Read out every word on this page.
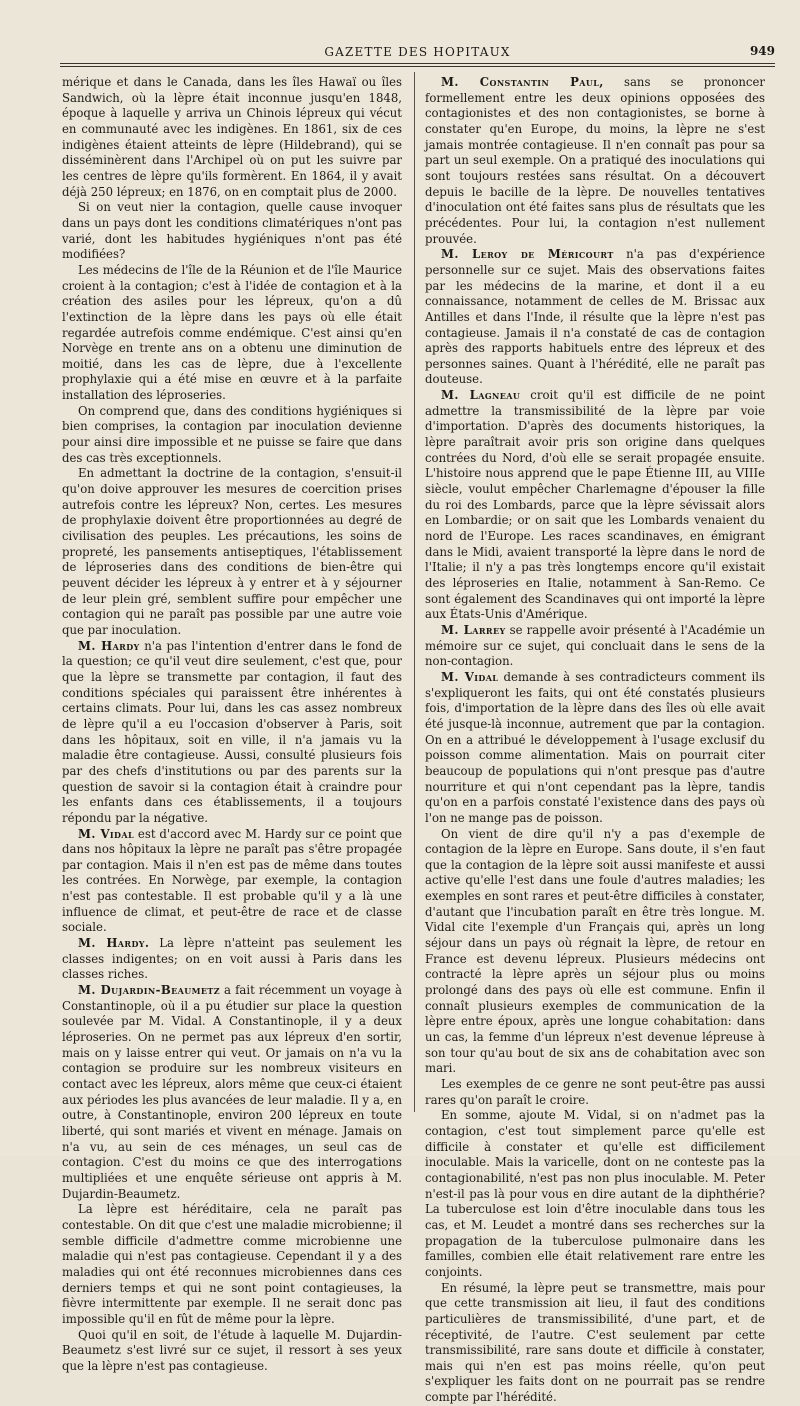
GAZETTE DES HOPITAUX	949

mérique et dans le Canada, dans les îles Hawaï ou îles Sandwich, où la lèpre était inconnue jusqu'en 1848, époque à laquelle y arriva un Chinois lépreux qui vécut en communauté avec les indigènes. En 1861, six de ces indigènes étaient atteints de lèpre (Hildebrand), qui se disséminèrent dans l'Archipel où on put les suivre par les centres de lèpre qu'ils formèrent. En 1864, il y avait déjà 250 lépreux; en 1876, on en comptait plus de 2000.

Si on veut nier la contagion, quelle cause invoquer dans un pays dont les conditions climatériques n'ont pas varié, dont les habitudes hygiéniques n'ont pas été modifiées?

Les médecins de l'île de la Réunion et de l'île Maurice croient à la contagion; c'est à l'idée de contagion et à la création des asiles pour les lépreux, qu'on a dû l'extinction de la lèpre dans les pays où elle était regardée autrefois comme endémique. C'est ainsi qu'en Norvège en trente ans on a obtenu une diminution de moitié, dans les cas de lèpre, due à l'excellente prophylaxie qui a été mise en œuvre et à la parfaite installation des léproseries.

On comprend que, dans des conditions hygiéniques si bien comprises, la contagion par inoculation devienne pour ainsi dire impossible et ne puisse se faire que dans des cas très exceptionnels.

En admettant la doctrine de la contagion, s'ensuit-il qu'on doive approuver les mesures de coercition prises autrefois contre les lépreux? Non, certes. Les mesures de prophylaxie doivent être proportionnées au degré de civilisation des peuples. Les précautions, les soins de propreté, les pansements antiseptiques, l'établissement de léproseries dans des conditions de bien-être qui peuvent décider les lépreux à y entrer et à y séjourner de leur plein gré, semblent suffire pour empêcher une contagion qui ne paraît pas possible par une autre voie que par inoculation.

M. Hardy n'a pas l'intention d'entrer dans le fond de la question; ce qu'il veut dire seulement, c'est que, pour que la lèpre se transmette par contagion, il faut des conditions spéciales qui paraissent être inhérentes à certains climats. Pour lui, dans les cas assez nombreux de lèpre qu'il a eu l'occasion d'observer à Paris, soit dans les hôpitaux, soit en ville, il n'a jamais vu la maladie être contagieuse. Aussi, consulté plusieurs fois par des chefs d'institutions ou par des parents sur la question de savoir si la contagion était à craindre pour les enfants dans ces établissements, il a toujours répondu par la négative.

M. Vidal est d'accord avec M. Hardy sur ce point que dans nos hôpitaux la lèpre ne paraît pas s'être propagée par contagion. Mais il n'en est pas de même dans toutes les contrées. En Norwège, par exemple, la contagion n'est pas contestable. Il est probable qu'il y a là une influence de climat, et peut-être de race et de classe sociale.

M. Hardy. La lèpre n'atteint pas seulement les classes indigentes; on en voit aussi à Paris dans les classes riches.

M. Dujardin-Beaumetz a fait récemment un voyage à Constantinople, où il a pu étudier sur place la question soulevée par M. Vidal. A Constantinople, il y a deux léproseries. On ne permet pas aux lépreux d'en sortir, mais on y laisse entrer qui veut. Or jamais on n'a vu la contagion se produire sur les nombreux visiteurs en contact avec les lépreux, alors même que ceux-ci étaient aux périodes les plus avancées de leur maladie. Il y a, en outre, à Constantinople, environ 200 lépreux en toute liberté, qui sont mariés et vivent en ménage. Jamais on n'a vu, au sein de ces ménages, un seul cas de contagion. C'est du moins ce que des interrogations multipliées et une enquête sérieuse ont appris à M. Dujardin-Beaumetz.

La lèpre est héréditaire, cela ne paraît pas contestable. On dit que c'est une maladie microbienne; il semble difficile d'admettre comme microbienne une maladie qui n'est pas contagieuse. Cependant il y a des maladies qui ont été reconnues microbiennes dans ces derniers temps et qui ne sont point contagieuses, la fièvre intermittente par exemple. Il ne serait donc pas impossible qu'il en fût de même pour la lèpre.

Quoi qu'il en soit, de l'étude à laquelle M. Dujardin-Beaumetz s'est livré sur ce sujet, il ressort à ses yeux que la lèpre n'est pas contagieuse.

M. Constantin Paul, sans se prononcer formellement entre les deux opinions opposées des contagionistes et des non contagionistes, se borne à constater qu'en Europe, du moins, la lèpre ne s'est jamais montrée contagieuse. Il n'en connaît pas pour sa part un seul exemple. On a pratiqué des inoculations qui sont toujours restées sans résultat. On a découvert depuis le bacille de la lèpre. De nouvelles tentatives d'inoculation ont été faites sans plus de résultats que les précédentes. Pour lui, la contagion n'est nullement prouvée.

M. Leroy de Méricourt n'a pas d'expérience personnelle sur ce sujet. Mais des observations faites par les médecins de la marine, et dont il a eu connaissance, notamment de celles de M. Brissac aux Antilles et dans l'Inde, il résulte que la lèpre n'est pas contagieuse. Jamais il n'a constaté de cas de contagion après des rapports habituels entre des lépreux et des personnes saines. Quant à l'hérédité, elle ne paraît pas douteuse.

M. Lagneau croit qu'il est difficile de ne point admettre la transmissibilité de la lèpre par voie d'importation. D'après des documents historiques, la lèpre paraîtrait avoir pris son origine dans quelques contrées du Nord, d'où elle se serait propagée ensuite. L'histoire nous apprend que le pape Étienne III, au VIIIe siècle, voulut empêcher Charlemagne d'épouser la fille du roi des Lombards, parce que la lèpre sévissait alors en Lombardie; or on sait que les Lombards venaient du nord de l'Europe. Les races scandinaves, en émigrant dans le Midi, avaient transporté la lèpre dans le nord de l'Italie; il n'y a pas très longtemps encore qu'il existait des léproseries en Italie, notamment à San-Remo. Ce sont également des Scandinaves qui ont importé la lèpre aux États-Unis d'Amérique.

M. Larrey se rappelle avoir présenté à l'Académie un mémoire sur ce sujet, qui concluait dans le sens de la non-contagion.

M. Vidal demande à ses contradicteurs comment ils s'expliqueront les faits, qui ont été constatés plusieurs fois, d'importation de la lèpre dans des îles où elle avait été jusque-là inconnue, autrement que par la contagion. On en a attribué le développement à l'usage exclusif du poisson comme alimentation. Mais on pourrait citer beaucoup de populations qui n'ont presque pas d'autre nourriture et qui n'ont cependant pas la lèpre, tandis qu'on en a parfois constaté l'existence dans des pays où l'on ne mange pas de poisson.

On vient de dire qu'il n'y a pas d'exemple de contagion de la lèpre en Europe. Sans doute, il s'en faut que la contagion de la lèpre soit aussi manifeste et aussi active qu'elle l'est dans une foule d'autres maladies; les exemples en sont rares et peut-être difficiles à constater, d'autant que l'incubation paraît en être très longue. M. Vidal cite l'exemple d'un Français qui, après un long séjour dans un pays où régnait la lèpre, de retour en France est devenu lépreux. Plusieurs médecins ont contracté la lèpre après un séjour plus ou moins prolongé dans des pays où elle est commune. Enfin il connaît plusieurs exemples de communication de la lèpre entre époux, après une longue cohabitation: dans un cas, la femme d'un lépreux n'est devenue lépreuse à son tour qu'au bout de six ans de cohabitation avec son mari.

Les exemples de ce genre ne sont peut-être pas aussi rares qu'on paraît le croire.

En somme, ajoute M. Vidal, si on n'admet pas la contagion, c'est tout simplement parce qu'elle est difficile à constater et qu'elle est difficilement inoculable. Mais la varicelle, dont on ne conteste pas la contagionabilité, n'est pas non plus inoculable. M. Peter n'est-il pas là pour vous en dire autant de la diphthérie? La tuberculose est loin d'être inoculable dans tous les cas, et M. Leudet a montré dans ses recherches sur la propagation de la tuberculose pulmonaire dans les familles, combien elle était relativement rare entre les conjoints.

En résumé, la lèpre peut se transmettre, mais pour que cette transmission ait lieu, il faut des conditions particulières de transmissibilité, d'une part, et de réceptivité, de l'autre. C'est seulement par cette transmissibilité, rare sans doute et difficile à constater, mais qui n'en est pas moins réelle, qu'on peut s'expliquer les faits dont on ne pourrait pas se rendre compte par l'hérédité.
